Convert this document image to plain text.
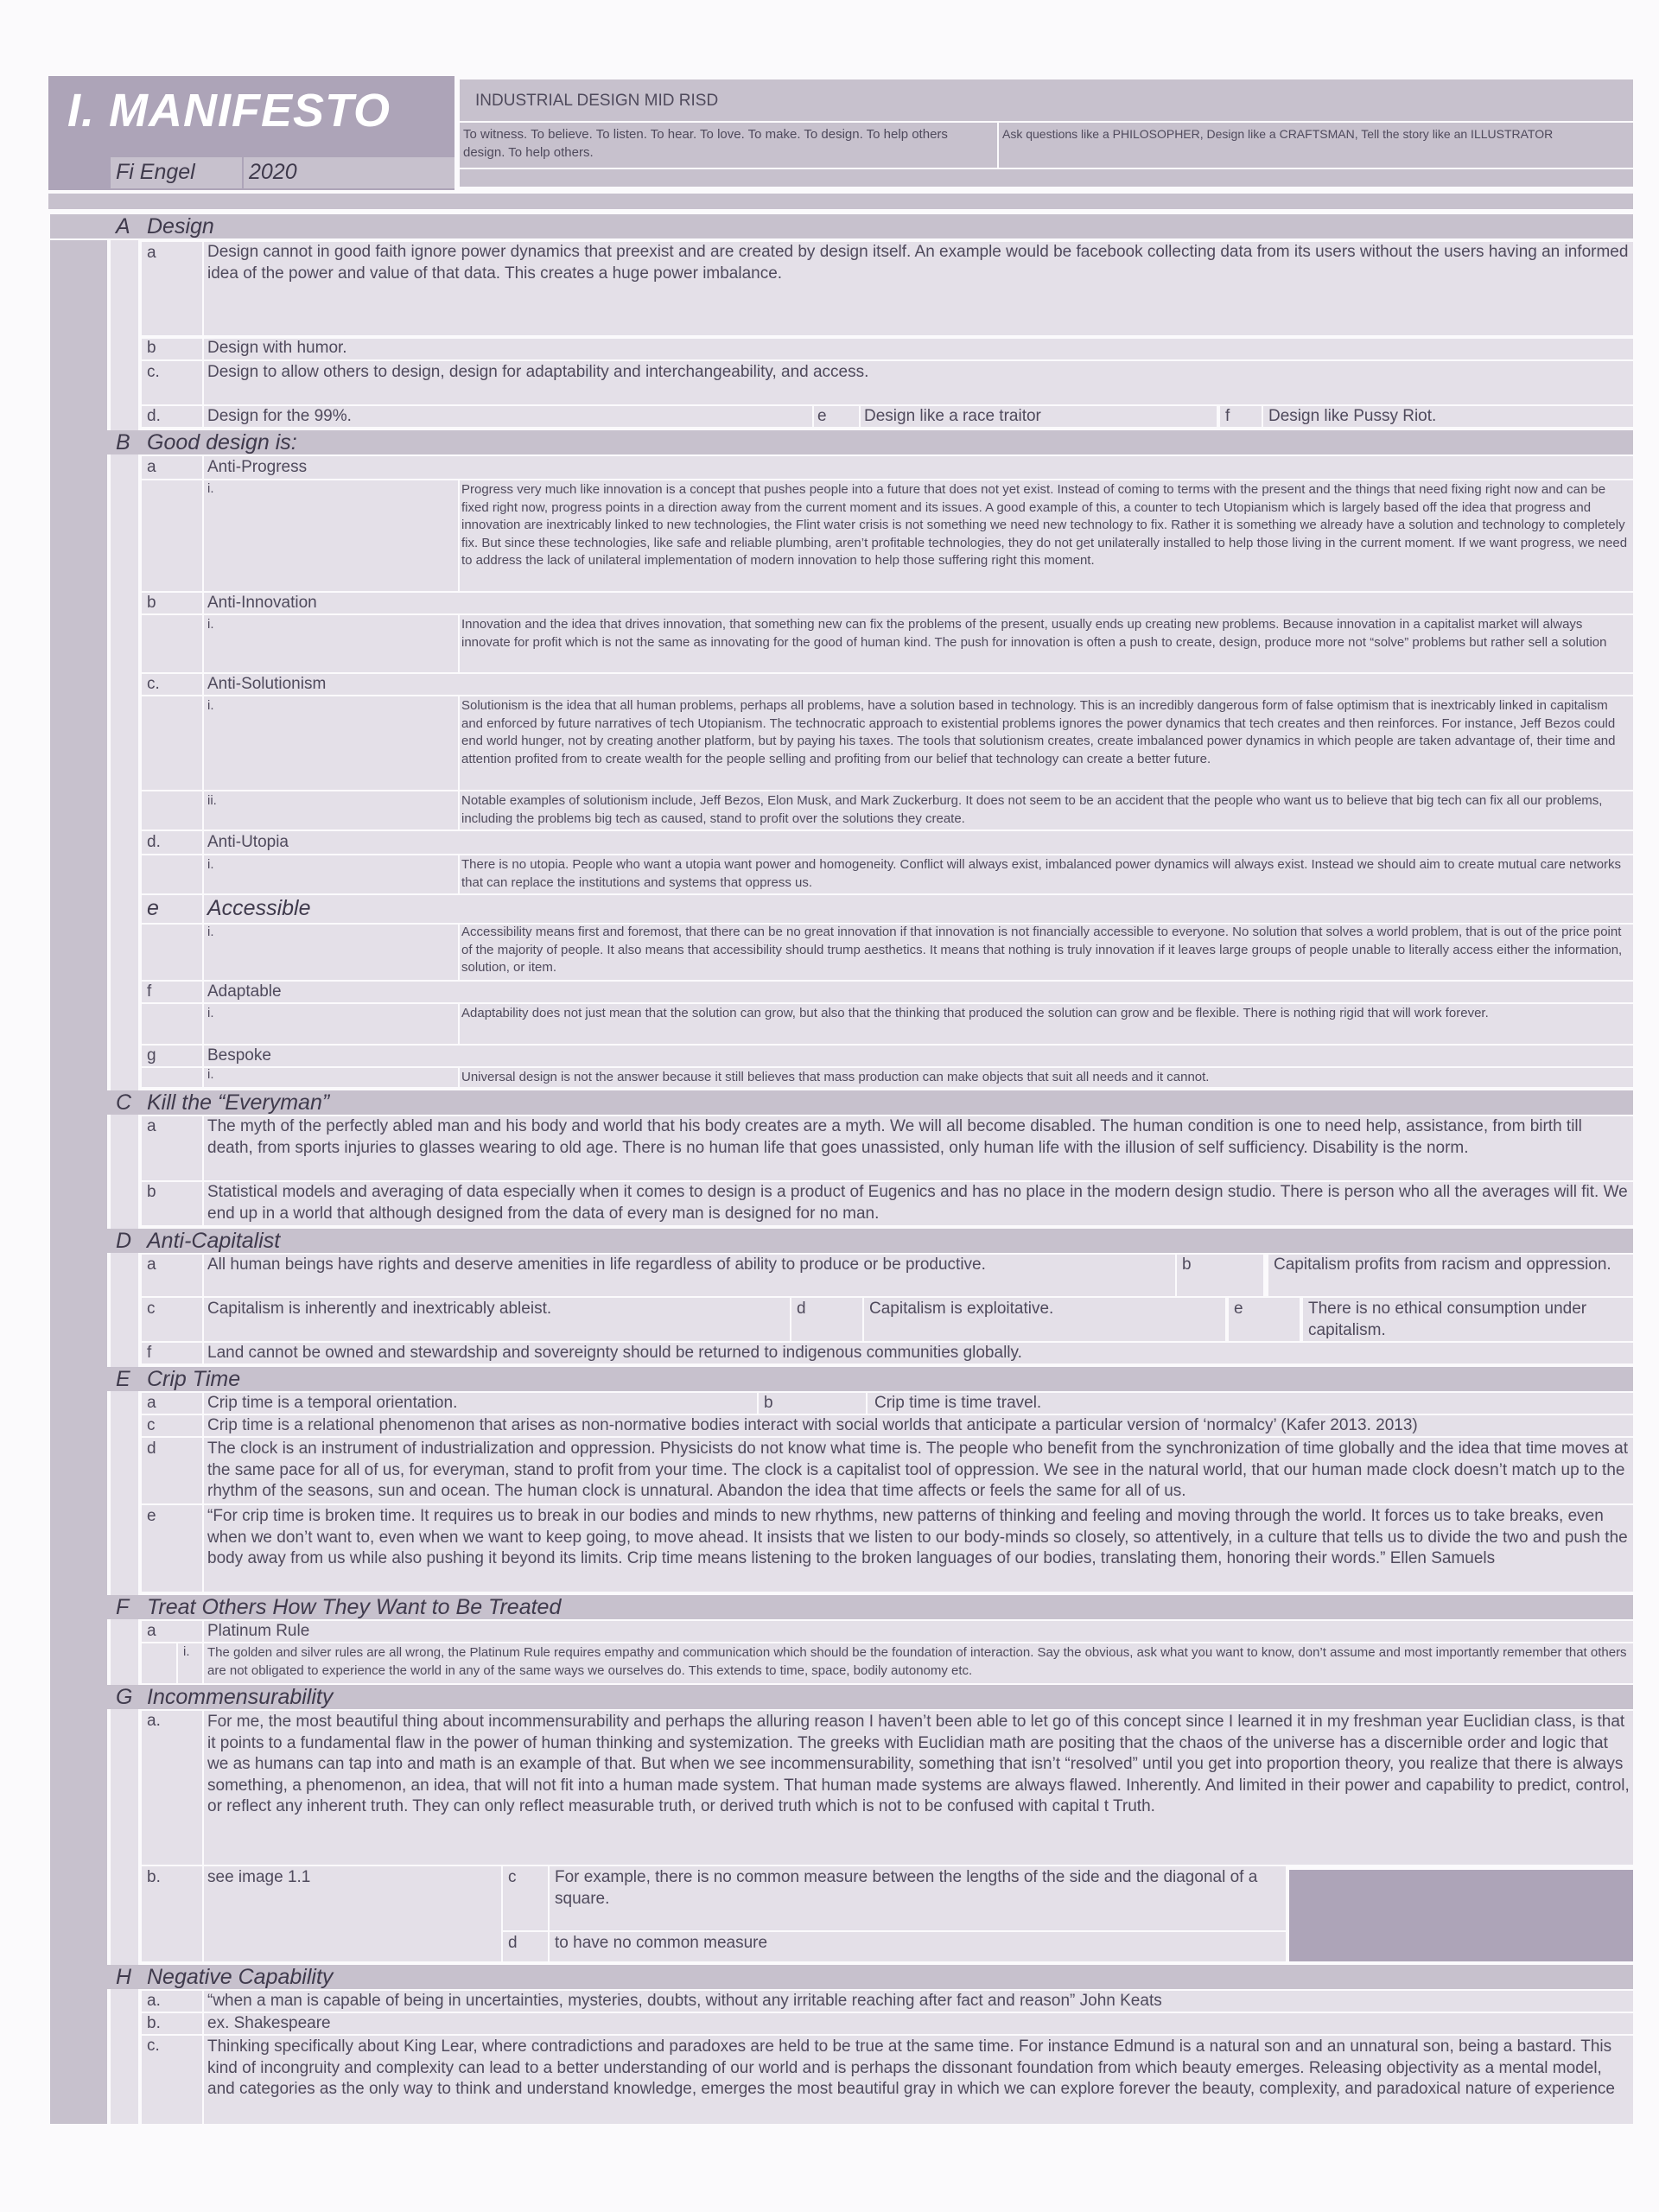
I. MANIFESTO
Fi Engel 2020
INDUSTRIAL DESIGN MID RISD
To witness. To believe. To listen. To hear. To love. To make. To design. To help others design. To help others.
Ask questions like a PHILOSOPHER, Design like a CRAFTSMAN, Tell the story like an ILLUSTRATOR
A Design
a	Design cannot in good faith ignore power dynamics that preexist and are created by design itself. An example would be facebook collecting data from its users without the users having an informed idea of the power and value of that data. This creates a huge power imbalance.
b	Design with humor.
c.	Design to allow others to design, design for adaptability and interchangeability, and access.
d.	Design for the 99%.	e Design like a race traitor	f Design like Pussy Riot.
B Good design is:
a	Anti-Progress
i.	Progress very much like innovation is a concept that pushes people into a future that does not yet exist. Instead of coming to terms with the present and the things that need fixing right now and can be fixed right now, progress points in a direction away from the current moment and its issues. A good example of this, a counter to tech Utopianism which is largely based off the idea that progress and innovation are inextricably linked to new technologies, the Flint water crisis is not something we need new technology to fix. Rather it is something we already have a solution and technology to completely fix. But since these technologies, like safe and reliable plumbing, aren’t profitable technologies, they do not get unilaterally installed to help those living in the current moment. If we want progress, we need to address the lack of unilateral implementation of modern innovation to help those suffering right this moment.
b	Anti-Innovation
i.	Innovation and the idea that drives innovation, that something new can fix the problems of the present, usually ends up creating new problems. Because innovation in a capitalist market will always innovate for profit which is not the same as innovating for the good of human kind. The push for innovation is often a push to create, design, produce more not “solve” problems but rather sell a solution
c.	Anti-Solutionism
i.	Solutionism is the idea that all human problems, perhaps all problems, have a solution based in technology. This is an incredibly dangerous form of false optimism that is inextricably linked in capitalism and enforced by future narratives of tech Utopianism. The technocratic approach to existential problems ignores the power dynamics that tech creates and then reinforces. For instance, Jeff Bezos could end world hunger, not by creating another platform, but by paying his taxes. The tools that solutionism creates, create imbalanced power dynamics in which people are taken advantage of, their time and attention profited from to create wealth for the people selling and profiting from our belief that technology can create a better future.
ii.	Notable examples of solutionism include, Jeff Bezos, Elon Musk, and Mark Zuckerburg. It does not seem to be an accident that the people who want us to believe that big tech can fix all our problems, including the problems big tech as caused, stand to profit over the solutions they create.
d.	Anti-Utopia
i.	There is no utopia. People who want a utopia want power and homogeneity. Conflict will always exist, imbalanced power dynamics will always exist. Instead we should aim to create mutual care networks that can replace the institutions and systems that oppress us.
e Accessible
i.	Accessibility means first and foremost, that there can be no great innovation if that innovation is not financially accessible to everyone. No solution that solves a world problem, that is out of the price point of the majority of people. It also means that accessibility should trump aesthetics. It means that nothing is truly innovation if it leaves large groups of people unable to literally access either the information, solution, or item.
f	Adaptable
i.	Adaptability does not just mean that the solution can grow, but also that the thinking that produced the solution can grow and be flexible. There is nothing rigid that will work forever.
g	Bespoke
i.	Universal design is not the answer because it still believes that mass production can make objects that suit all needs and it cannot.
C Kill the “Everyman”
a	The myth of the perfectly abled man and his body and world that his body creates are a myth. We will all become disabled. The human condition is one to need help, assistance, from birth till death, from sports injuries to glasses wearing to old age. There is no human life that goes unassisted, only human life with the illusion of self sufficiency. Disability is the norm.
b	Statistical models and averaging of data especially when it comes to design is a product of Eugenics and has no place in the modern design studio. There is person who all the averages will fit. We end up in a world that although designed from the data of every man is designed for no man.
D Anti-Capitalist
a	All human beings have rights and deserve amenities in life regardless of ability to produce or be productive.	b	Capitalism profits from racism and oppression.
c	Capitalism is inherently and inextricably ableist.	d	Capitalism is exploitative.	e	There is no ethical consumption under capitalism.
f	Land cannot be owned and stewardship and sovereignty should be returned to indigenous communities globally.
E Crip Time
a	Crip time is a temporal orientation.	b	Crip time is time travel.
c	Crip time is a relational phenomenon that arises as non-normative bodies interact with social worlds that anticipate a particular version of ‘normalcy’ (Kafer 2013. 2013)
d	The clock is an instrument of industrialization and oppression. Physicists do not know what time is. The people who benefit from the synchronization of time globally and the idea that time moves at the same pace for all of us, for everyman, stand to profit from your time. The clock is a capitalist tool of oppression. We see in the natural world, that our human made clock doesn’t match up to the rhythm of the seasons, sun and ocean. The human clock is unnatural. Abandon the idea that time affects or feels the same for all of us.
e	“For crip time is broken time. It requires us to break in our bodies and minds to new rhythms, new patterns of thinking and feeling and moving through the world. It forces us to take breaks, even when we don’t want to, even when we want to keep going, to move ahead. It insists that we listen to our body-minds so closely, so attentively, in a culture that tells us to divide the two and push the body away from us while also pushing it beyond its limits. Crip time means listening to the broken languages of our bodies, translating them, honoring their words.” Ellen Samuels
F Treat Others How They Want to Be Treated
a	Platinum Rule
i. The golden and silver rules are all wrong, the Platinum Rule requires empathy and communication which should be the foundation of interaction. Say the obvious, ask what you want to know, don’t assume and most importantly remember that others are not obligated to experience the world in any of the same ways we ourselves do. This extends to time, space, bodily autonomy etc.
G Incommensurability
a.	For me, the most beautiful thing about incommensurability and perhaps the alluring reason I haven’t been able to let go of this concept since I learned it in my freshman year Euclidian class, is that it points to a fundamental flaw in the power of human thinking and systemization. The greeks with Euclidian math are positing that the chaos of the universe has a discernible order and logic that we as humans can tap into and math is an example of that. But when we see incommensurability, something that isn’t “resolved” until you get into proportion theory, you realize that there is always something, a phenomenon, an idea, that will not fit into a human made system. That human made systems are always flawed. Inherently. And limited in their power and capability to predict, control, or reflect any inherent truth. They can only reflect measurable truth, or derived truth which is not to be confused with capital t Truth.
b.	see image 1.1	c For example, there is no common measure between the lengths of the side and the diagonal of a square.
d to have no common measure
H Negative Capability
a.	“when a man is capable of being in uncertainties, mysteries, doubts, without any irritable reaching after fact and reason” John Keats
b.	ex. Shakespeare
c.	Thinking specifically about King Lear, where contradictions and paradoxes are held to be true at the same time. For instance Edmund is a natural son and an unnatural son, being a bastard. This kind of incongruity and complexity can lead to a better understanding of our world and is perhaps the dissonant foundation from which beauty emerges. Releasing objectivity as a mental model, and categories as the only way to think and understand knowledge, emerges the most beautiful gray in which we can explore forever the beauty, complexity, and paradoxical nature of experience
